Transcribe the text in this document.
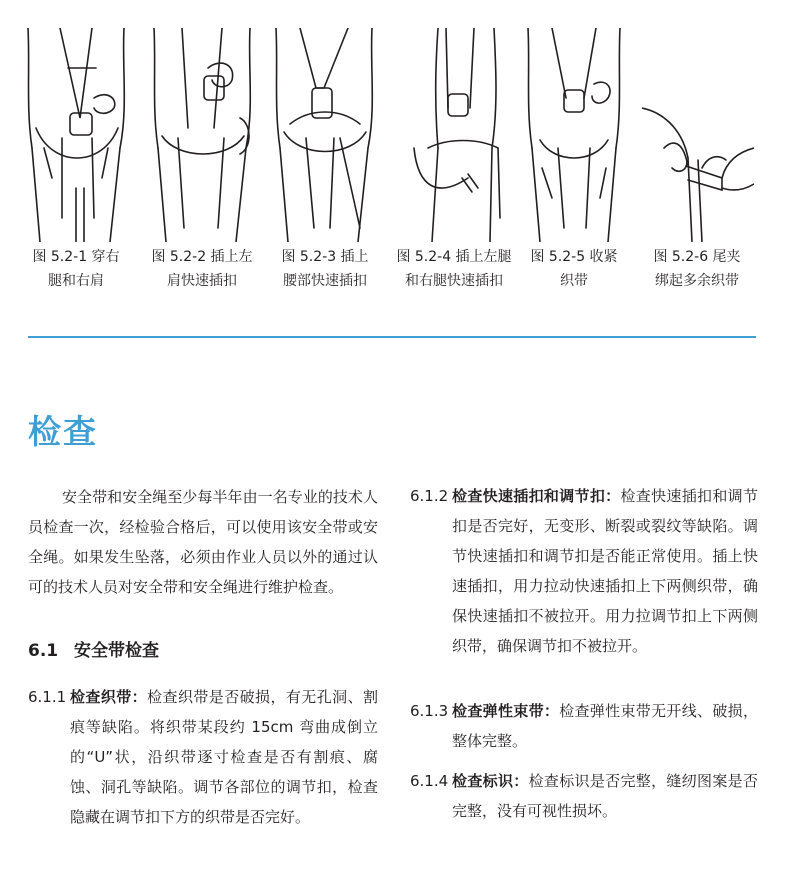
图 5.2-1 穿右
腿和右肩
图 5.2-2 插上左
肩快速插扣
图 5.2-3 插上
腰部快速插扣
图 5.2-4 插上左腿
和右腿快速插扣
图 5.2-5 收紧
织带
图 5.2-6 尾夹
绑起多余织带
检查
安全带和安全绳至少每半年由一名专业的技术人员检查一次，经检验合格后，可以使用该安全带或安全绳。如果发生坠落，必须由作业人员以外的通过认可的技术人员对安全带和安全绳进行维护检查。
6.1 安全带检查
6.1.1 检查织带：检查织带是否破损，有无孔洞、割痕等缺陷。将织带某段约 15cm 弯曲成倒立的“U”状，沿织带逐寸检查是否有割痕、腐蚀、洞孔等缺陷。调节各部位的调节扣，检查隐藏在调节扣下方的织带是否完好。
6.1.2 检查快速插扣和调节扣：检查快速插扣和调节扣是否完好，无变形、断裂或裂纹等缺陷。调节快速插扣和调节扣是否能正常使用。插上快速插扣，用力拉动快速插扣上下两侧织带，确保快速插扣不被拉开。用力拉调节扣上下两侧织带，确保调节扣不被拉开。
6.1.3 检查弹性束带：检查弹性束带无开线、破损，整体完整。
6.1.4 检查标识：检查标识是否完整，缝纫图案是否完整，没有可视性损坏。
